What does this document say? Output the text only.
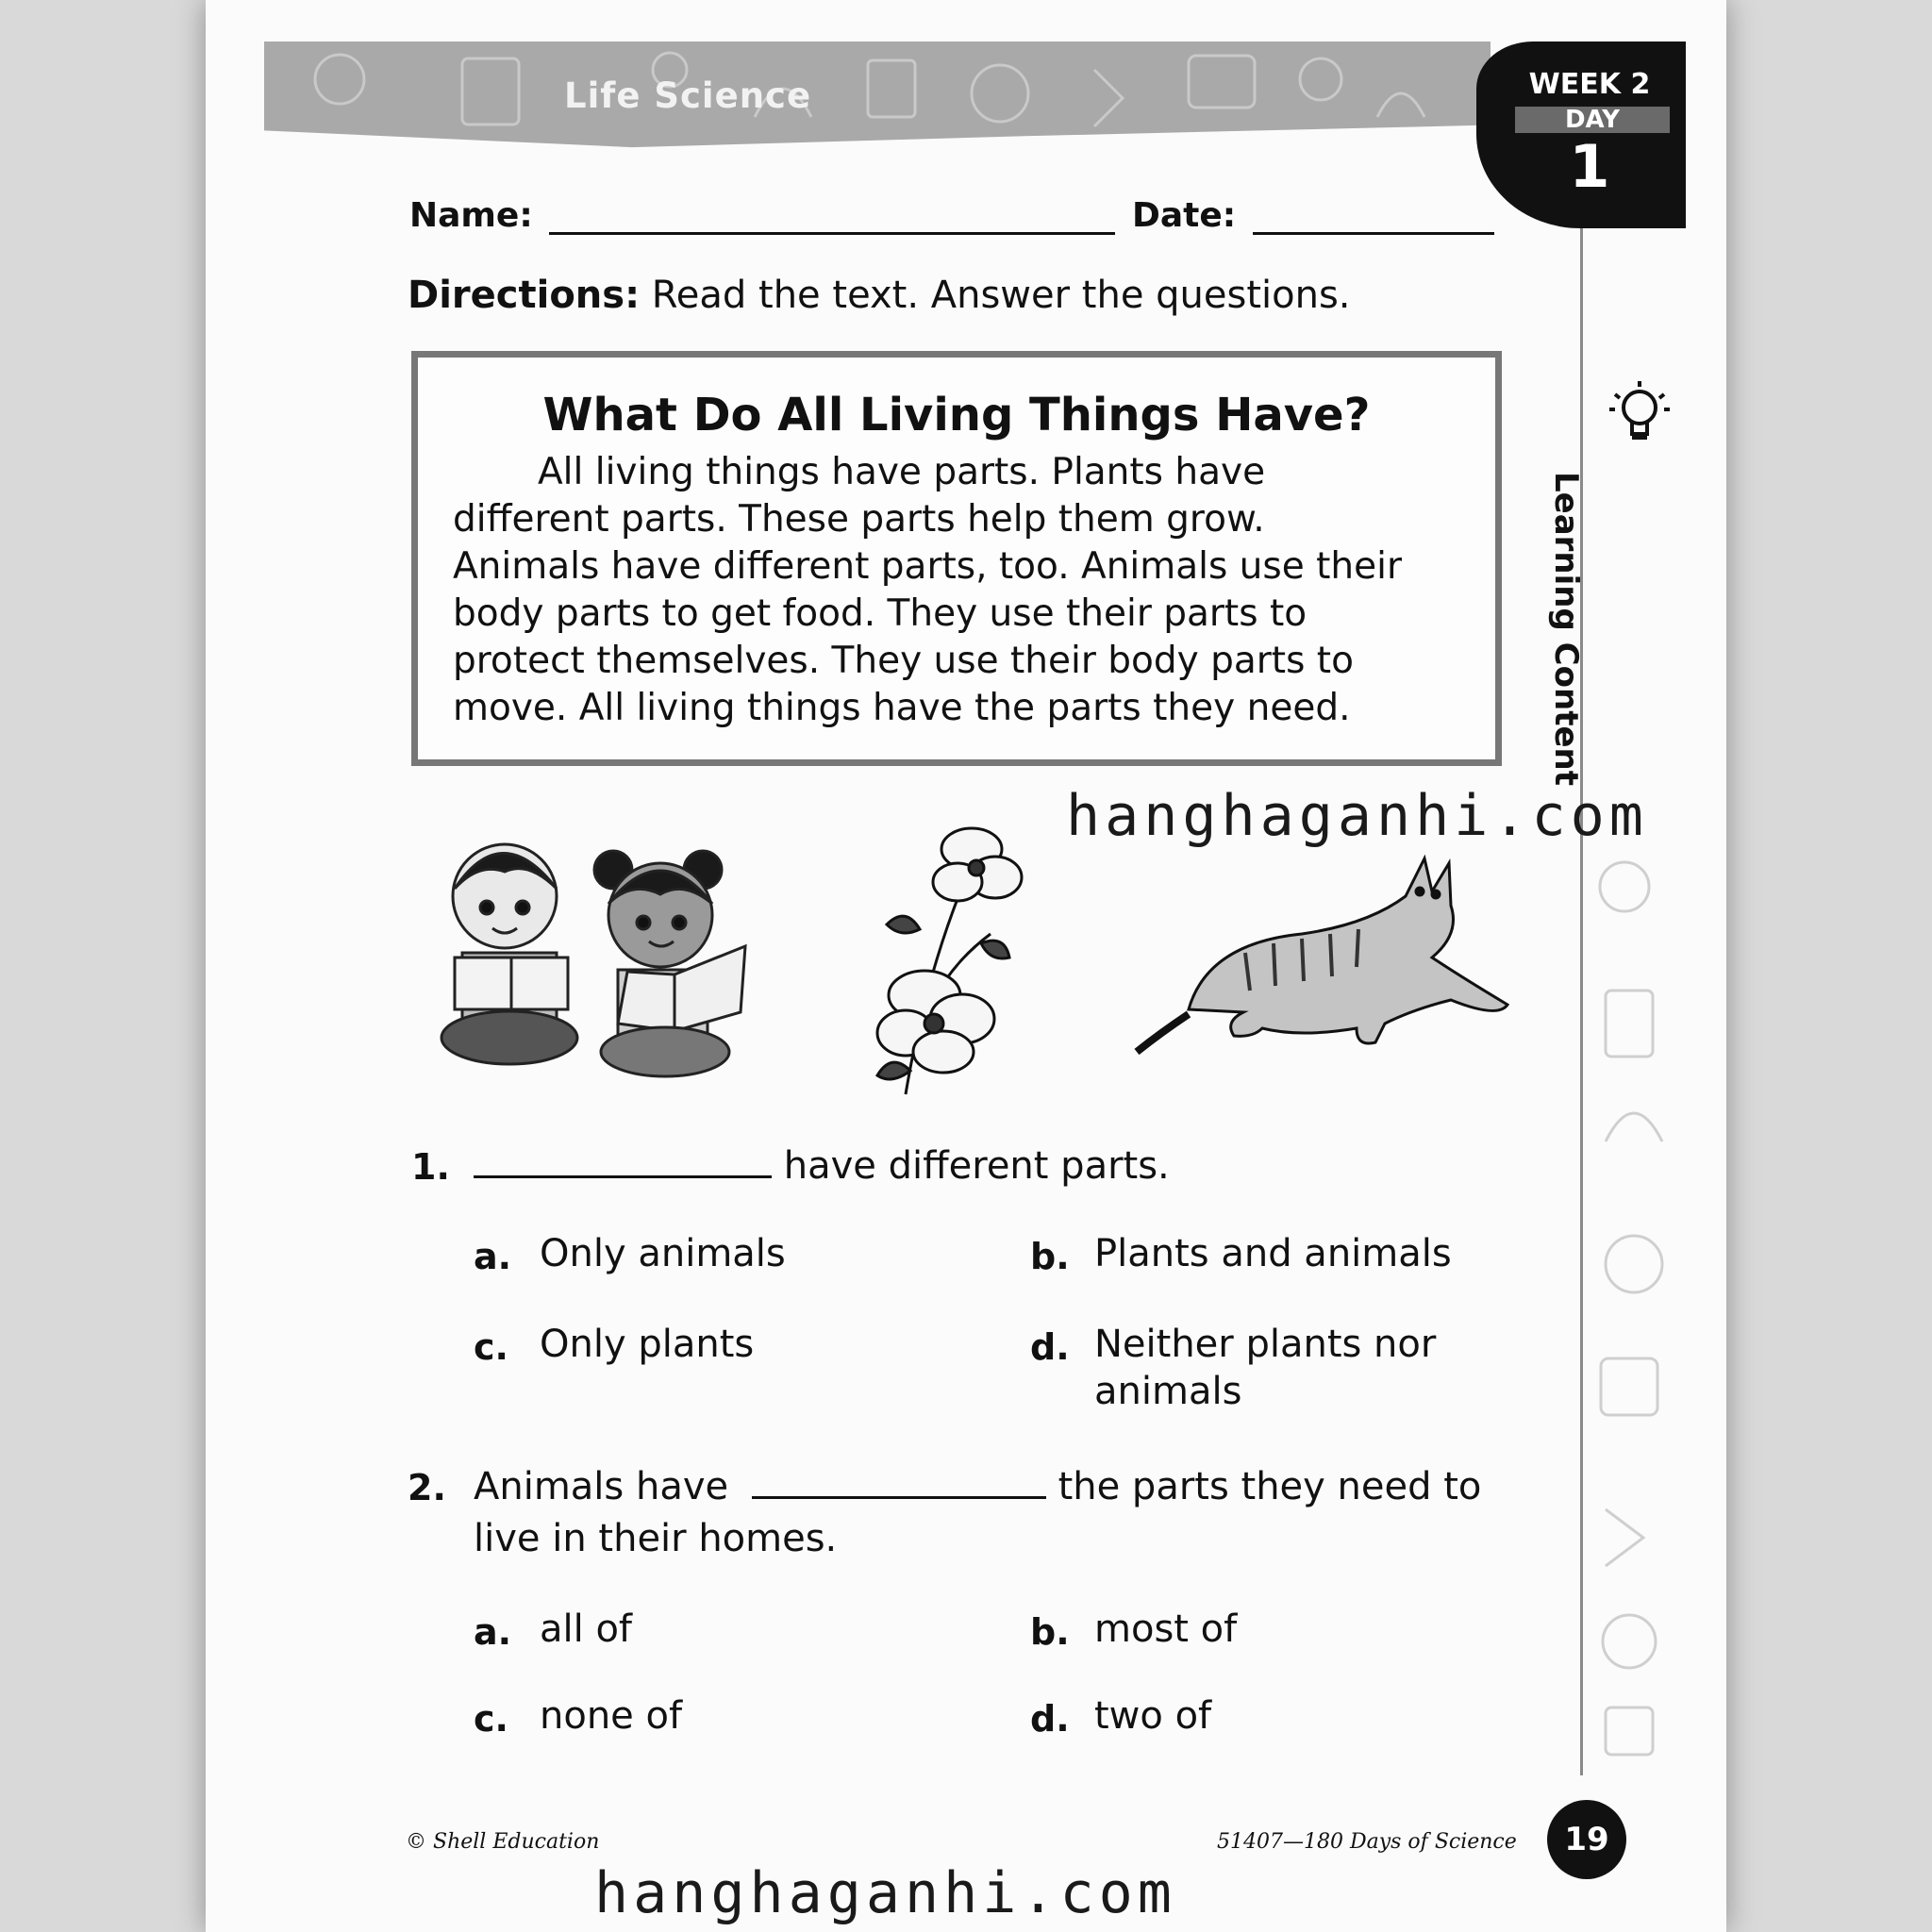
Life Science	WEEK 2
DAY
1
Name:	Date:
Directions: Read the text. Answer the questions.
What Do All Living Things Have?
All living things have parts. Plants have
different parts. These parts help them grow.
Animals have different parts, too. Animals use their
body parts to get food. They use their parts to
protect themselves. They use their body parts to
move. All living things have the parts they need.	Learning Content
hanghaganhi.com
hanghaganhi.com
1.	have different parts.
a. Only animals	b. Plants and animals
c. Only plants	d. Neither plants nor animals
2. Animals have	the parts they need to
live in their homes.
a. all of	b. most of
c. none of	d. two of
© Shell Education	51407—180 Days of Science	19
